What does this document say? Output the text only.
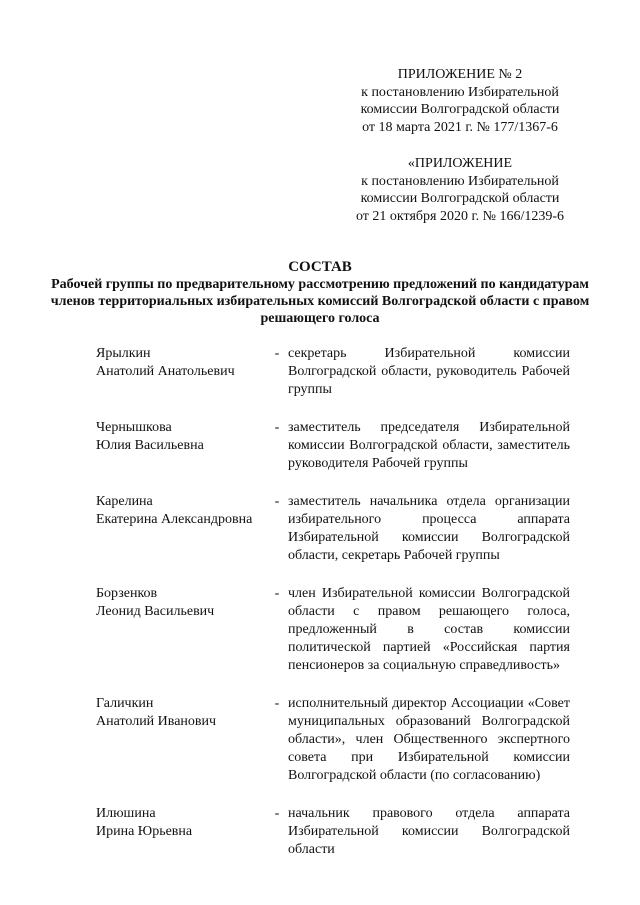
ПРИЛОЖЕНИЕ № 2
к постановлению Избирательной
комиссии Волгоградской области
от 18 марта 2021 г. № 177/1367-6
«ПРИЛОЖЕНИЕ
к постановлению Избирательной
комиссии Волгоградской области
от 21 октября 2020 г. № 166/1239-6
СОСТАВ
Рабочей группы по предварительному рассмотрению предложений по кандидатурам членов территориальных избирательных комиссий Волгоградской области с правом решающего голоса
Ярылкин
Анатолий Анатольевич
- секретарь Избирательной комиссии Волгоградской области, руководитель Рабочей группы
Чернышкова
Юлия Васильевна
- заместитель председателя Избирательной комиссии Волгоградской области, заместитель руководителя Рабочей группы
Карелина
Екатерина Александровна
- заместитель начальника отдела организации избирательного процесса аппарата Избирательной комиссии Волгоградской области, секретарь Рабочей группы
Борзенков
Леонид Васильевич
- член Избирательной комиссии Волгоградской области с правом решающего голоса, предложенный в состав комиссии политической партией «Российская партия пенсионеров за социальную справедливость»
Галичкин
Анатолий Иванович
- исполнительный директор Ассоциации «Совет муниципальных образований Волгоградской области», член Общественного экспертного совета при Избирательной комиссии Волгоградской области (по согласованию)
Илюшина
Ирина Юрьевна
- начальник правового отдела аппарата Избирательной комиссии Волгоградской области
